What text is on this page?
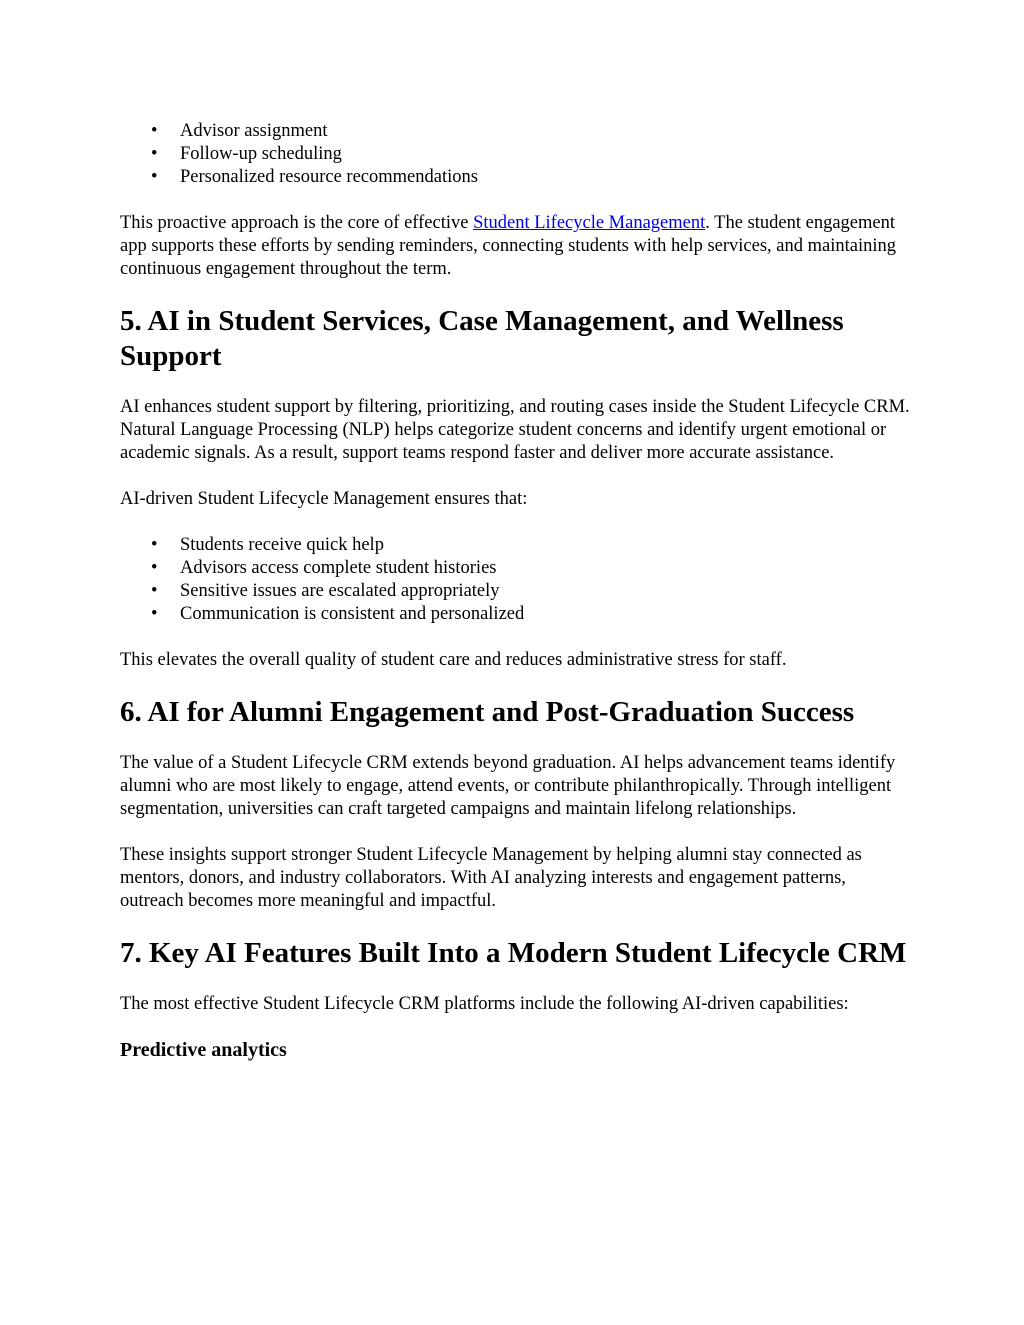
• Advisor assignment
• Follow-up scheduling
• Personalized resource recommendations

This proactive approach is the core of effective Student Lifecycle Management. The student engagement app supports these efforts by sending reminders, connecting students with help services, and maintaining continuous engagement throughout the term.

5. AI in Student Services, Case Management, and Wellness Support

AI enhances student support by filtering, prioritizing, and routing cases inside the Student Lifecycle CRM. Natural Language Processing (NLP) helps categorize student concerns and identify urgent emotional or academic signals. As a result, support teams respond faster and deliver more accurate assistance.

AI-driven Student Lifecycle Management ensures that:

• Students receive quick help
• Advisors access complete student histories
• Sensitive issues are escalated appropriately
• Communication is consistent and personalized

This elevates the overall quality of student care and reduces administrative stress for staff.

6. AI for Alumni Engagement and Post-Graduation Success

The value of a Student Lifecycle CRM extends beyond graduation. AI helps advancement teams identify alumni who are most likely to engage, attend events, or contribute philanthropically. Through intelligent segmentation, universities can craft targeted campaigns and maintain lifelong relationships.

These insights support stronger Student Lifecycle Management by helping alumni stay connected as mentors, donors, and industry collaborators. With AI analyzing interests and engagement patterns, outreach becomes more meaningful and impactful.

7. Key AI Features Built Into a Modern Student Lifecycle CRM

The most effective Student Lifecycle CRM platforms include the following AI-driven capabilities:

Predictive analytics
